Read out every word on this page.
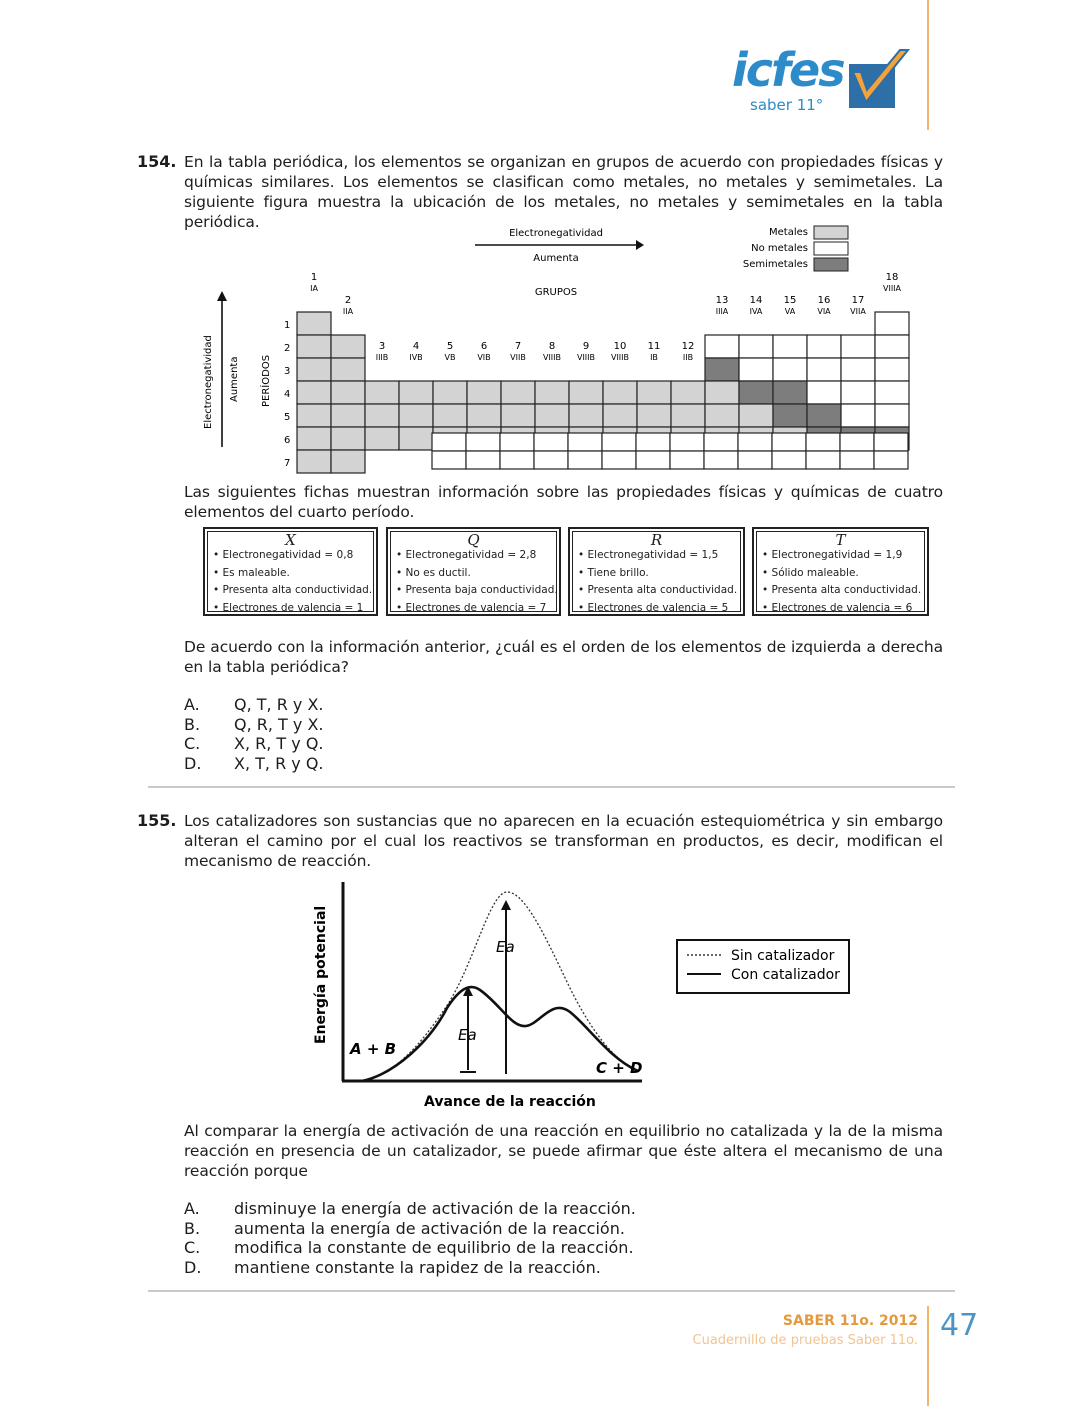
icfes
saber 11°
154. En la tabla periódica, los elementos se organizan en grupos de acuerdo con propiedades físicas y químicas similares. Los elementos se clasifican como metales, no metales y semimetales. La siguiente figura muestra la ubicación de los metales, no metales y semimetales en la tabla periódica.
1
2
3
4
5
6
7
1
IA
2
IIA
3
IIIB
4
IVB
5
VB
6
VIB
7
VIIB
8
VIIIB
9
VIIIB
10
VIIIB
11
IB
12
IIB
13
IIIA
14
IVA
15
VA
16
VIA
17
VIIA
18
VIIIA
Electronegatividad
Aumenta
GRUPOS
Metales
No metales
Semimetales
Electronegatividad Aumenta PERÍODOS
Las siguientes fichas muestran información sobre las propiedades físicas y químicas de cuatro elementos del cuarto período.
X
• Electronegatividad = 0,8
• Es maleable.
• Presenta alta conductividad.
• Electrones de valencia = 1
Q
• Electronegatividad = 2,8
• No es ductil.
• Presenta baja conductividad.
• Electrones de valencia = 7
R
• Electronegatividad = 1,5
• Tiene brillo.
• Presenta alta conductividad.
• Electrones de valencia = 5
T
• Electronegatividad = 1,9
• Sólido maleable.
• Presenta alta conductividad.
• Electrones de valencia = 6
De acuerdo con la información anterior, ¿cuál es el orden de los elementos de izquierda a derecha en la tabla periódica?
A.	Q, T, R y X.
B.	Q, R, T y X.
C.	X, R, T y Q.
D.	X, T, R y Q.
155. Los catalizadores son sustancias que no aparecen en la ecuación estequiométrica y sin embargo alteran el camino por el cual los reactivos se transforman en productos, es decir, modifican el mecanismo de reacción.
Energía potencial
Avance de la reacción
Ea
Ea
A + B
C + D
Sin catalizador
Con catalizador
Al comparar la energía de activación de una reacción en equilibrio no catalizada y la de la misma reacción en presencia de un catalizador, se puede afirmar que éste altera el mecanismo de una reacción porque
A.	disminuye la energía de activación de la reacción.
B.	aumenta la energía de activación de la reacción.
C.	modifica la constante de equilibrio de la reacción.
D.	mantiene constante la rapidez de la reacción.
SABER 11o. 2012
Cuadernillo de pruebas Saber 11o. 47
